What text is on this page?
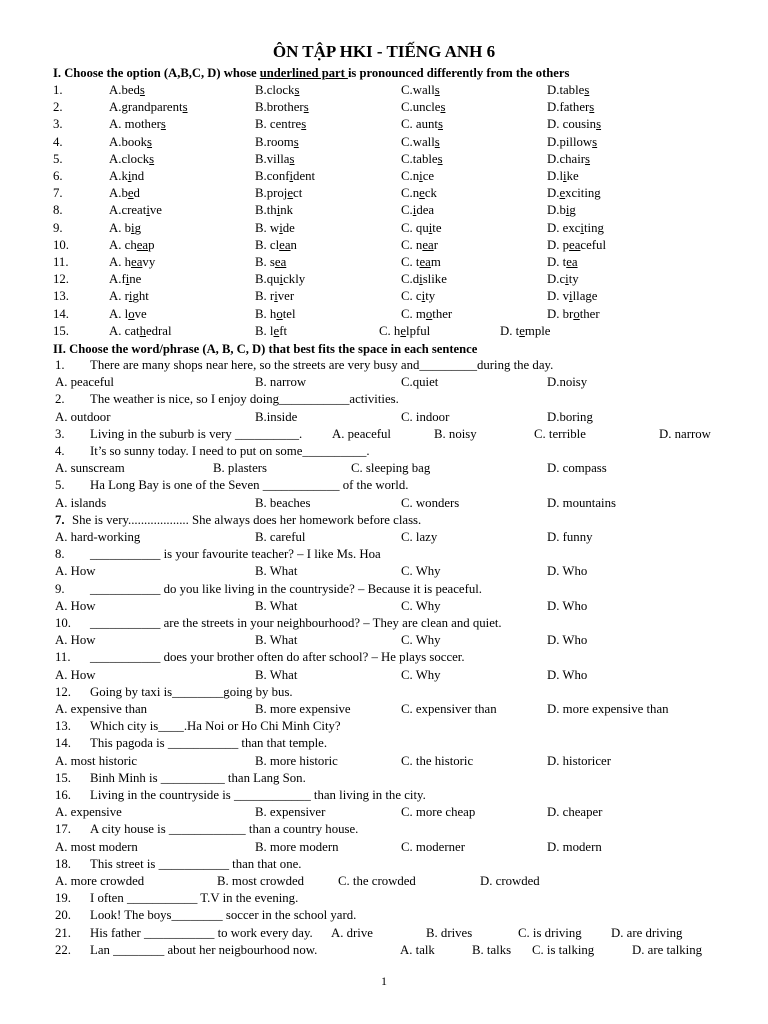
ÔN TẬP HKI - TIẾNG ANH 6
I. Choose the option (A,B,C, D) whose underlined part is pronounced differently from the others
1.	A.beds	B.clocks	C.walls	D.tables
2.	A.grandparents	B.brothers	C.uncles	D.fathers
3.	A. mothers	B. centres	C. aunts	D. cousins
4.	A.books	B.rooms	C.walls	D.pillows
5.	A.clocks	B.villas	C.tables	D.chairs
6.	A.kind	B.confident	C.nice	D.like
7.	A.bed	B.project	C.neck	D.exciting
8.	A.creative	B.think	C.idea	D.big
9.	A. big	B. wide	C. quite	D. exciting
10.	A. cheap	B. clean	C. near	D. peaceful
11.	A. heavy	B. sea	C. team	D. tea
12.	A.fine	B.quickly	C.dislike	D.city
13.	A. right	B. river	C. city	D. village
14.	A. love	B. hotel	C. mother	D. brother
15.	A. cathedral	B. left	C. helpful	D. temple
II. Choose the word/phrase (A, B, C, D) that best fits the space in each sentence
1. There are many shops near here, so the streets are very busy and_________during the day.
A. peaceful	B. narrow	C.quiet	D.noisy
2. The weather is nice, so I enjoy doing___________activities.
A. outdoor	B.inside	C. indoor	D.boring
3. Living in the suburb is very __________. A. peaceful	B. noisy	C. terrible	D. narrow
4. It’s so sunny today. I need to put on some__________.
A. sunscream	B. plasters	C. sleeping bag	D. compass
5. Ha Long Bay is one of the Seven ____________ of the world.
A. islands	B. beaches	C. wonders	D. mountains
7. She is very................... She always does her homework before class.
A. hard-working	B. careful	C. lazy	D. funny
8. ___________ is your favourite teacher? – I like Ms. Hoa
A. How	B. What	C. Why	D. Who
9. ___________ do you like living in the countryside? – Because it is peaceful.
A. How	B. What	C. Why	D. Who
10. ___________ are the streets in your neighbourhood? – They are clean and quiet.
A. How	B. What	C. Why	D. Who
11. ___________ does your brother often do after school? – He plays soccer.
A. How	B. What	C. Why	D. Who
12. Going by taxi is________going by bus.
A. expensive than	B. more expensive	C. expensiver than	D. more expensive than
13. Which city is____.Ha Noi or Ho Chi Minh City?
14. This pagoda is ___________ than that temple.
A. most historic	B. more historic	C. the historic	D. historicer
15. Binh Minh is __________ than Lang Son.
16. Living in the countryside is ____________ than living in the city.
A. expensive	B. expensiver	C. more cheap	D. cheaper
17. A city house is ____________ than a country house.
A. most modern	B. more modern	C. moderner	D. modern
18. This street is ___________ than that one.
A. more crowded	B. most crowded	C. the crowded	D. crowded
19. I often ___________ T.V in the evening.
20. Look! The boys________ soccer in the school yard.
21. His father ___________ to work every day. A. drive	B. drives	C. is driving D. are driving
22. Lan ________ about her neigbourhood now.	A. talk	B. talks C. is talking	D. are talking
1
